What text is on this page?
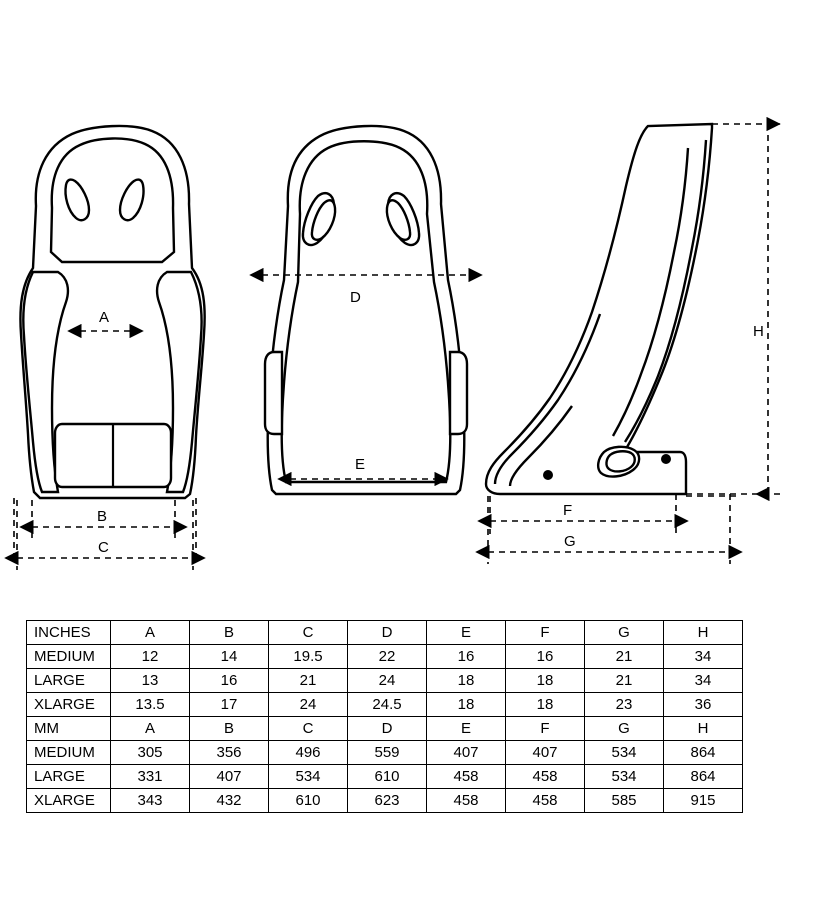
A
B
C
D
E
H
F
G
INCHES	A	B	C	D	E	F	G	H
MEDIUM	12	14	19.5	22	16	16	21	34
LARGE	13	16	21	24	18	18	21	34
XLARGE	13.5	17	24	24.5	18	18	23	36
MM	A	B	C	D	E	F	G	H
MEDIUM	305	356	496	559	407	407	534	864
LARGE	331	407	534	610	458	458	534	864
XLARGE	343	432	610	623	458	458	585	915
